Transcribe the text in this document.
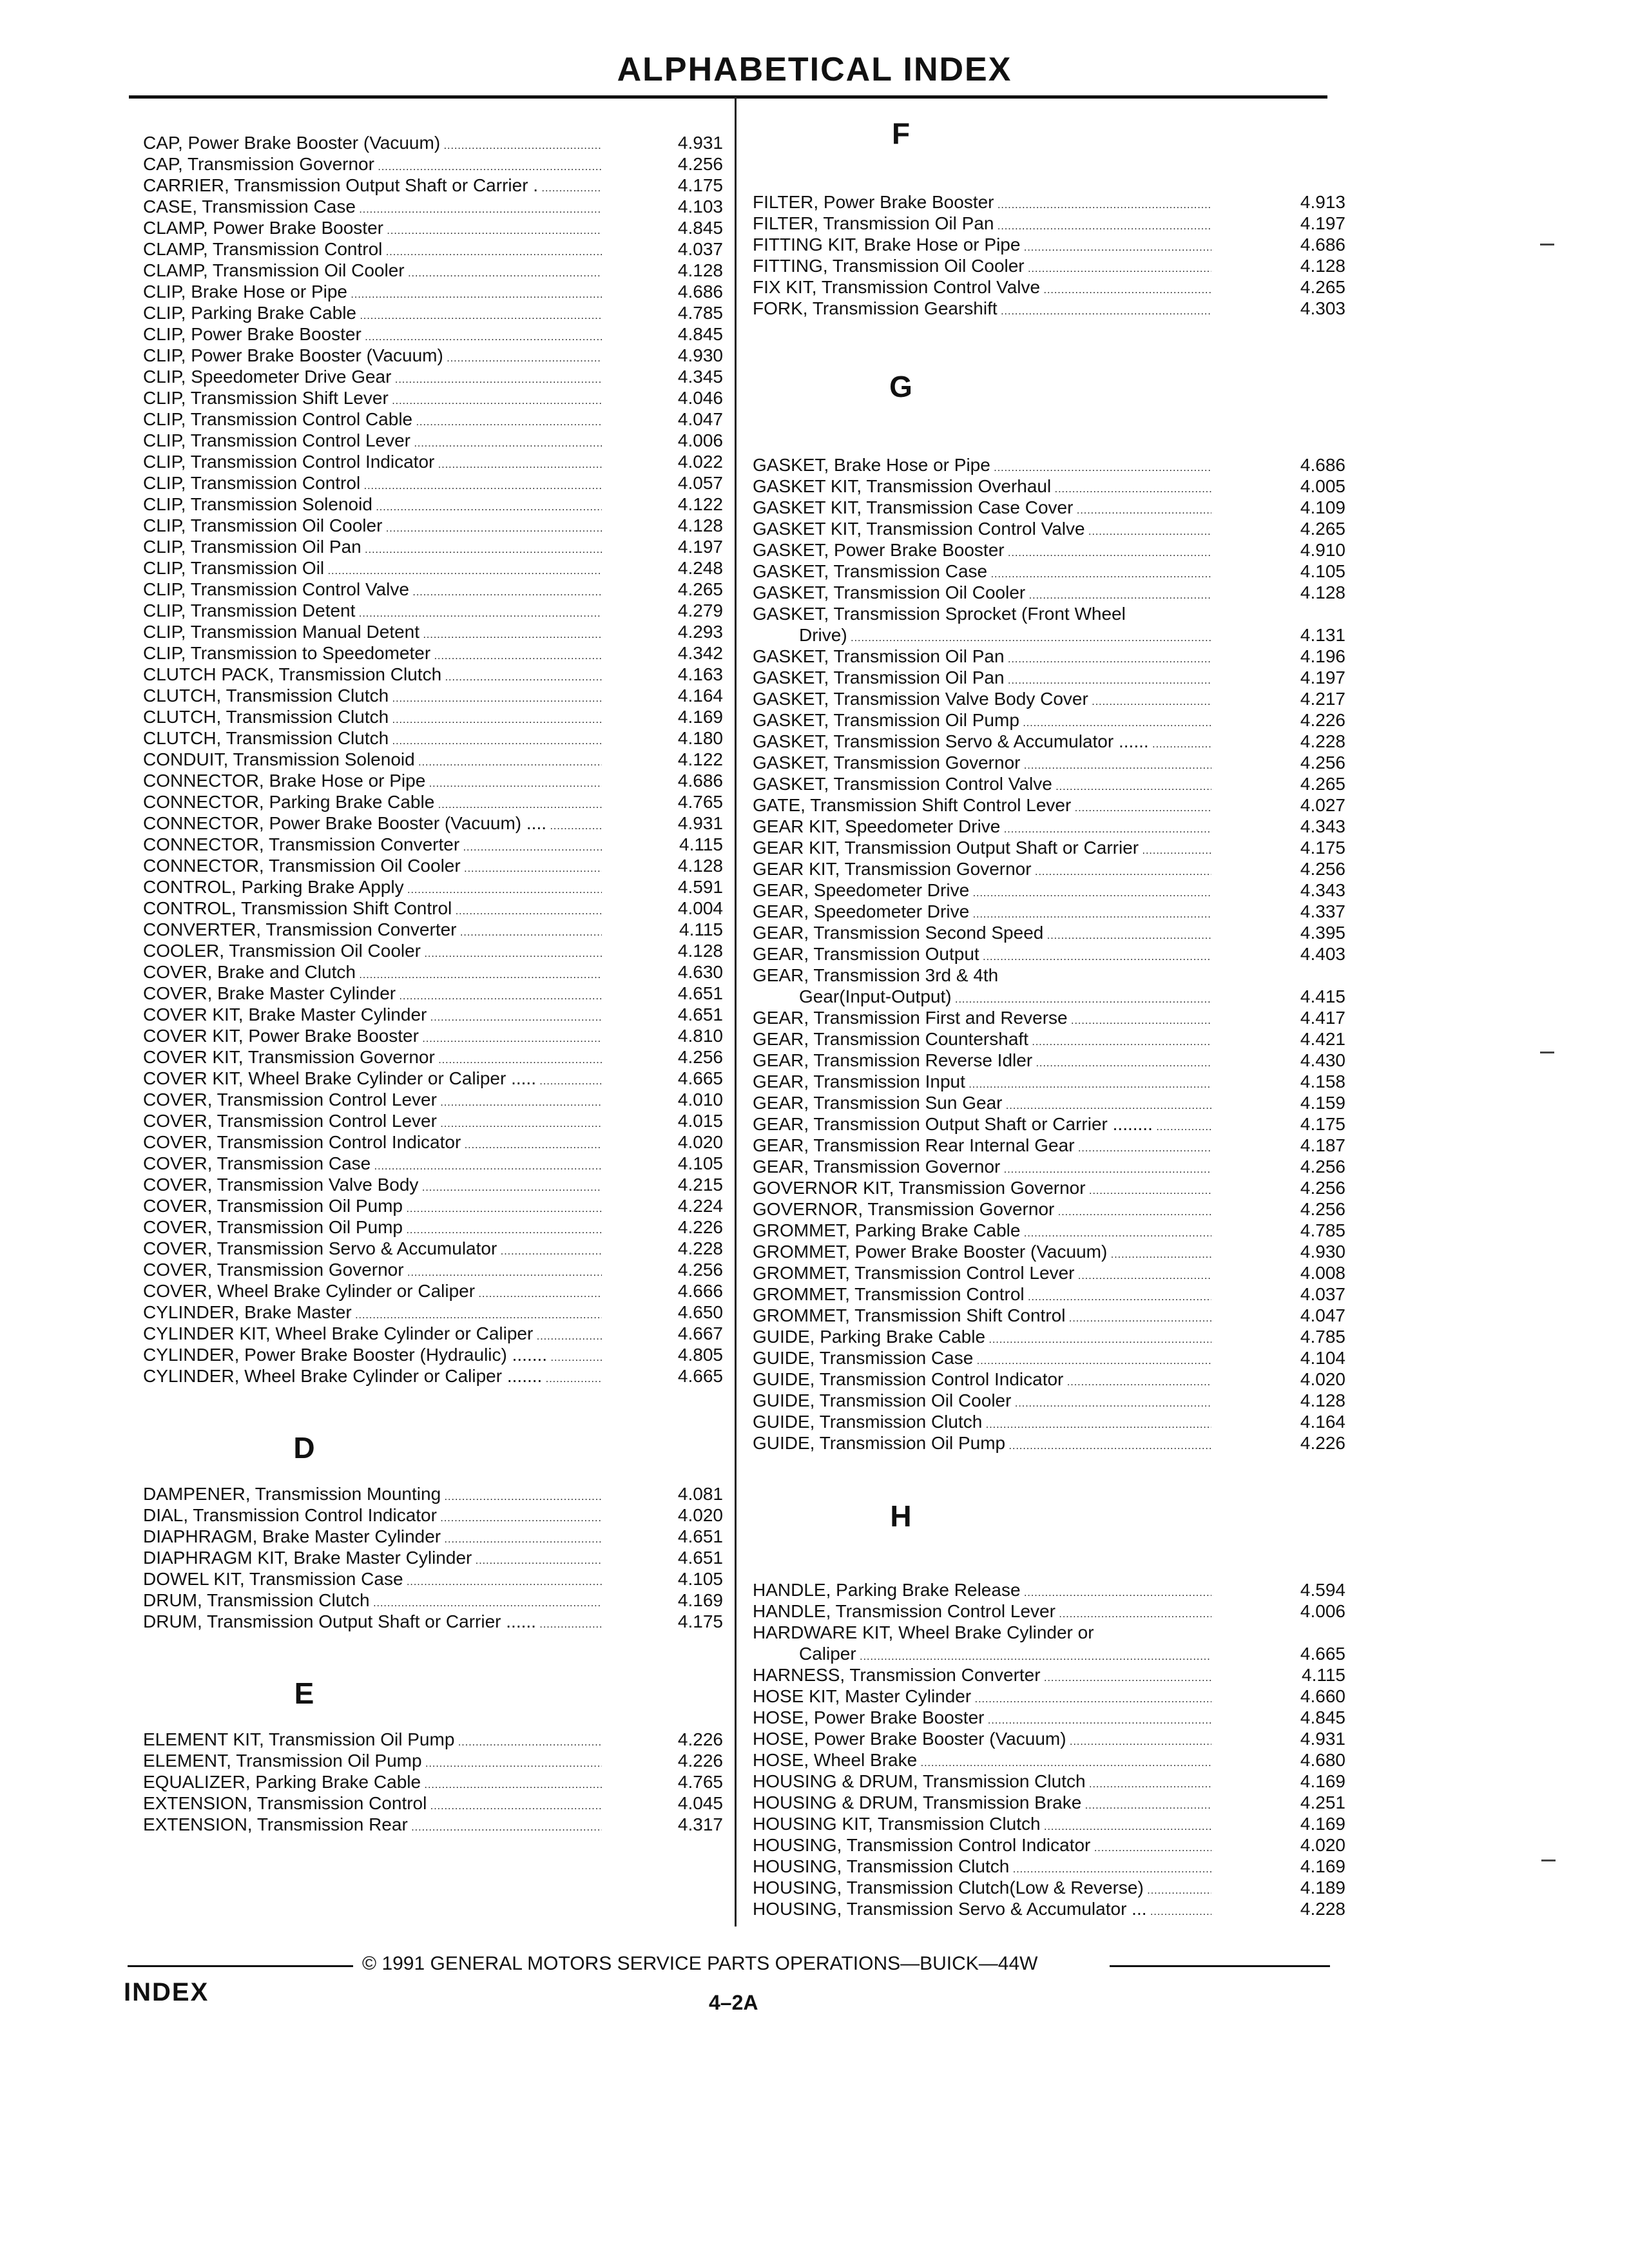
ALPHABETICAL INDEX
CAP, Power Brake Booster (Vacuum) .....	4.931
CAP, Transmission Governor .....	4.256
CARRIER, Transmission Output Shaft or Carrier . .....	4.175
CASE, Transmission Case .....	4.103
CLAMP, Power Brake Booster .....	4.845
CLAMP, Transmission Control .....	4.037
CLAMP, Transmission Oil Cooler .....	4.128
CLIP, Brake Hose or Pipe .....	4.686
CLIP, Parking Brake Cable .....	4.785
CLIP, Power Brake Booster .....	4.845
CLIP, Power Brake Booster (Vacuum) .....	4.930
CLIP, Speedometer Drive Gear .....	4.345
CLIP, Transmission Shift Lever .....	4.046
CLIP, Transmission Control Cable .....	4.047
CLIP, Transmission Control Lever .....	4.006
CLIP, Transmission Control Indicator .....	4.022
CLIP, Transmission Control .....	4.057
CLIP, Transmission Solenoid .....	4.122
CLIP, Transmission Oil Cooler .....	4.128
CLIP, Transmission Oil Pan .....	4.197
CLIP, Transmission Oil .....	4.248
CLIP, Transmission Control Valve .....	4.265
CLIP, Transmission Detent .....	4.279
CLIP, Transmission Manual Detent .....	4.293
CLIP, Transmission to Speedometer .....	4.342
CLUTCH PACK, Transmission Clutch .....	4.163
CLUTCH, Transmission Clutch .....	4.164
CLUTCH, Transmission Clutch .....	4.169
CLUTCH, Transmission Clutch .....	4.180
CONDUIT, Transmission Solenoid .....	4.122
CONNECTOR, Brake Hose or Pipe .....	4.686
CONNECTOR, Parking Brake Cable .....	4.765
CONNECTOR, Power Brake Booster (Vacuum) .... .....	4.931
CONNECTOR, Transmission Converter .....	4.115
CONNECTOR, Transmission Oil Cooler .....	4.128
CONTROL, Parking Brake Apply .....	4.591
CONTROL, Transmission Shift Control .....	4.004
CONVERTER, Transmission Converter .....	4.115
COOLER, Transmission Oil Cooler .....	4.128
COVER, Brake and Clutch .....	4.630
COVER, Brake Master Cylinder .....	4.651
COVER KIT, Brake Master Cylinder .....	4.651
COVER KIT, Power Brake Booster .....	4.810
COVER KIT, Transmission Governor .....	4.256
COVER KIT, Wheel Brake Cylinder or Caliper ..... .....	4.665
COVER, Transmission Control Lever .....	4.010
COVER, Transmission Control Lever .....	4.015
COVER, Transmission Control Indicator .....	4.020
COVER, Transmission Case .....	4.105
COVER, Transmission Valve Body .....	4.215
COVER, Transmission Oil Pump .....	4.224
COVER, Transmission Oil Pump .....	4.226
COVER, Transmission Servo & Accumulator .....	4.228
COVER, Transmission Governor .....	4.256
COVER, Wheel Brake Cylinder or Caliper .....	4.666
CYLINDER, Brake Master .....	4.650
CYLINDER KIT, Wheel Brake Cylinder or Caliper .....	4.667
CYLINDER, Power Brake Booster (Hydraulic) ....... .....	4.805
CYLINDER, Wheel Brake Cylinder or Caliper ....... .....	4.665
D
DAMPENER, Transmission Mounting .....	4.081
DIAL, Transmission Control Indicator .....	4.020
DIAPHRAGM, Brake Master Cylinder .....	4.651
DIAPHRAGM KIT, Brake Master Cylinder .....	4.651
DOWEL KIT, Transmission Case .....	4.105
DRUM, Transmission Clutch .....	4.169
DRUM, Transmission Output Shaft or Carrier ...... .....	4.175
E
ELEMENT KIT, Transmission Oil Pump .....	4.226
ELEMENT, Transmission Oil Pump .....	4.226
EQUALIZER, Parking Brake Cable .....	4.765
EXTENSION, Transmission Control .....	4.045
EXTENSION, Transmission Rear .....	4.317
F
FILTER, Power Brake Booster .....	4.913
FILTER, Transmission Oil Pan .....	4.197
FITTING KIT, Brake Hose or Pipe .....	4.686
FITTING, Transmission Oil Cooler .....	4.128
FIX KIT, Transmission Control Valve .....	4.265
FORK, Transmission Gearshift .....	4.303
G
GASKET, Brake Hose or Pipe .....	4.686
GASKET KIT, Transmission Overhaul .....	4.005
GASKET KIT, Transmission Case Cover .....	4.109
GASKET KIT, Transmission Control Valve .....	4.265
GASKET, Power Brake Booster .....	4.910
GASKET, Transmission Case .....	4.105
GASKET, Transmission Oil Cooler .....	4.128
GASKET, Transmission Sprocket (Front Wheel
Drive) .....	4.131
GASKET, Transmission Oil Pan .....	4.196
GASKET, Transmission Oil Pan .....	4.197
GASKET, Transmission Valve Body Cover .....	4.217
GASKET, Transmission Oil Pump .....	4.226
GASKET, Transmission Servo & Accumulator ...... .....	4.228
GASKET, Transmission Governor .....	4.256
GASKET, Transmission Control Valve .....	4.265
GATE, Transmission Shift Control Lever .....	4.027
GEAR KIT, Speedometer Drive .....	4.343
GEAR KIT, Transmission Output Shaft or Carrier .....	4.175
GEAR KIT, Transmission Governor .....	4.256
GEAR, Speedometer Drive .....	4.343
GEAR, Speedometer Drive .....	4.337
GEAR, Transmission Second Speed .....	4.395
GEAR, Transmission Output .....	4.403
GEAR, Transmission 3rd & 4th
Gear(Input-Output) .....	4.415
GEAR, Transmission First and Reverse .....	4.417
GEAR, Transmission Countershaft .....	4.421
GEAR, Transmission Reverse Idler .....	4.430
GEAR, Transmission Input .....	4.158
GEAR, Transmission Sun Gear .....	4.159
GEAR, Transmission Output Shaft or Carrier ........ .....	4.175
GEAR, Transmission Rear Internal Gear .....	4.187
GEAR, Transmission Governor .....	4.256
GOVERNOR KIT, Transmission Governor .....	4.256
GOVERNOR, Transmission Governor .....	4.256
GROMMET, Parking Brake Cable .....	4.785
GROMMET, Power Brake Booster (Vacuum) .....	4.930
GROMMET, Transmission Control Lever .....	4.008
GROMMET, Transmission Control .....	4.037
GROMMET, Transmission Shift Control .....	4.047
GUIDE, Parking Brake Cable .....	4.785
GUIDE, Transmission Case .....	4.104
GUIDE, Transmission Control Indicator .....	4.020
GUIDE, Transmission Oil Cooler .....	4.128
GUIDE, Transmission Clutch .....	4.164
GUIDE, Transmission Oil Pump .....	4.226
H
HANDLE, Parking Brake Release .....	4.594
HANDLE, Transmission Control Lever .....	4.006
HARDWARE KIT, Wheel Brake Cylinder or
Caliper .....	4.665
HARNESS, Transmission Converter .....	4.115
HOSE KIT, Master Cylinder .....	4.660
HOSE, Power Brake Booster .....	4.845
HOSE, Power Brake Booster (Vacuum) .....	4.931
HOSE, Wheel Brake .....	4.680
HOUSING & DRUM, Transmission Clutch .....	4.169
HOUSING & DRUM, Transmission Brake .....	4.251
HOUSING KIT, Transmission Clutch .....	4.169
HOUSING, Transmission Control Indicator .....	4.020
HOUSING, Transmission Clutch .....	4.169
HOUSING, Transmission Clutch(Low & Reverse) .....	4.189
HOUSING, Transmission Servo & Accumulator ... .....	4.228
© 1991 GENERAL MOTORS SERVICE PARTS OPERATIONS—BUICK—44W
INDEX	4–2A
